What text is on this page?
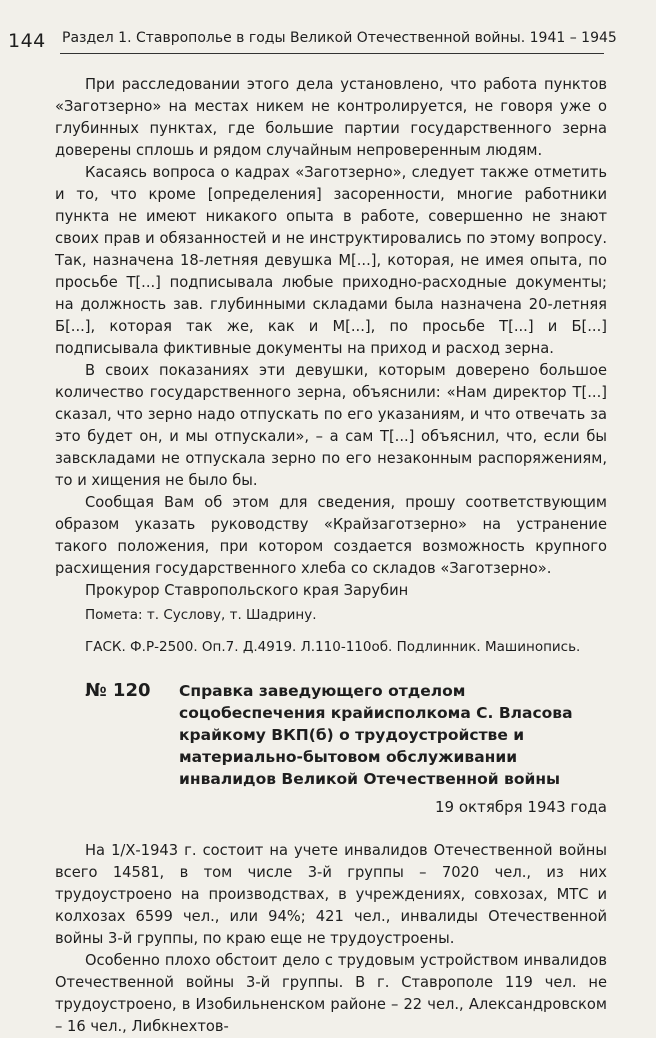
144 Раздел 1. Ставрополье в годы Великой Отечественной войны. 1941 – 1945

При расследовании этого дела установлено, что работа пунктов «Заготзерно» на местах никем не контролируется, не говоря уже о глубинных пунктах, где большие партии государственного зерна доверены сплошь и рядом случайным непроверенным людям.

Касаясь вопроса о кадрах «Заготзерно», следует также отметить и то, что кроме [определения] засоренности, многие работники пункта не имеют никакого опыта в работе, совершенно не знают своих прав и обязанностей и не инструктировались по этому вопросу. Так, назначена 18-летняя девушка М[...], которая, не имея опыта, по просьбе Т[...] подписывала любые приходно-расходные документы; на должность зав. глубинными складами была назначена 20-летняя Б[...], которая так же, как и М[...], по просьбе Т[...] и Б[...] подписывала фиктивные документы на приход и расход зерна.

В своих показаниях эти девушки, которым доверено большое количество государственного зерна, объяснили: «Нам директор Т[...] сказал, что зерно надо отпускать по его указаниям, и что отвечать за это будет он, и мы отпускали», – а сам Т[...] объяснил, что, если бы завскладами не отпускала зерно по его незаконным распоряжениям, то и хищения не было бы.

Сообщая Вам об этом для сведения, прошу соответствующим образом указать руководству «Крайзаготзерно» на устранение такого положения, при котором создается возможность крупного расхищения государственного хлеба со складов «Заготзерно».

Прокурор Ставропольского края Зарубин

Помета: т. Суслову, т. Шадрину.

ГАСК. Ф.Р-2500. Оп.7. Д.4919. Л.110-110об. Подлинник. Машинопись.

№ 120	Справка заведующего отделом соцобеспечения крайисполкома С. Власова крайкому ВКП(б) о трудоустройстве и материально-бытовом обслуживании инвалидов Великой Отечественной войны
19 октября 1943 года

На 1/Х-1943 г. состоит на учете инвалидов Отечественной войны всего 14581, в том числе 3-й группы – 7020 чел., из них трудоустроено на производствах, в учреждениях, совхозах, МТС и колхозах 6599 чел., или 94%; 421 чел., инвалиды Отечественной войны 3-й группы, по краю еще не трудоустроены.

Особенно плохо обстоит дело с трудовым устройством инвалидов Отечественной войны 3-й группы. В г. Ставрополе 119 чел. не трудоустроено, в Изобильненском районе – 22 чел., Александровском – 16 чел., Либкнехтов-
